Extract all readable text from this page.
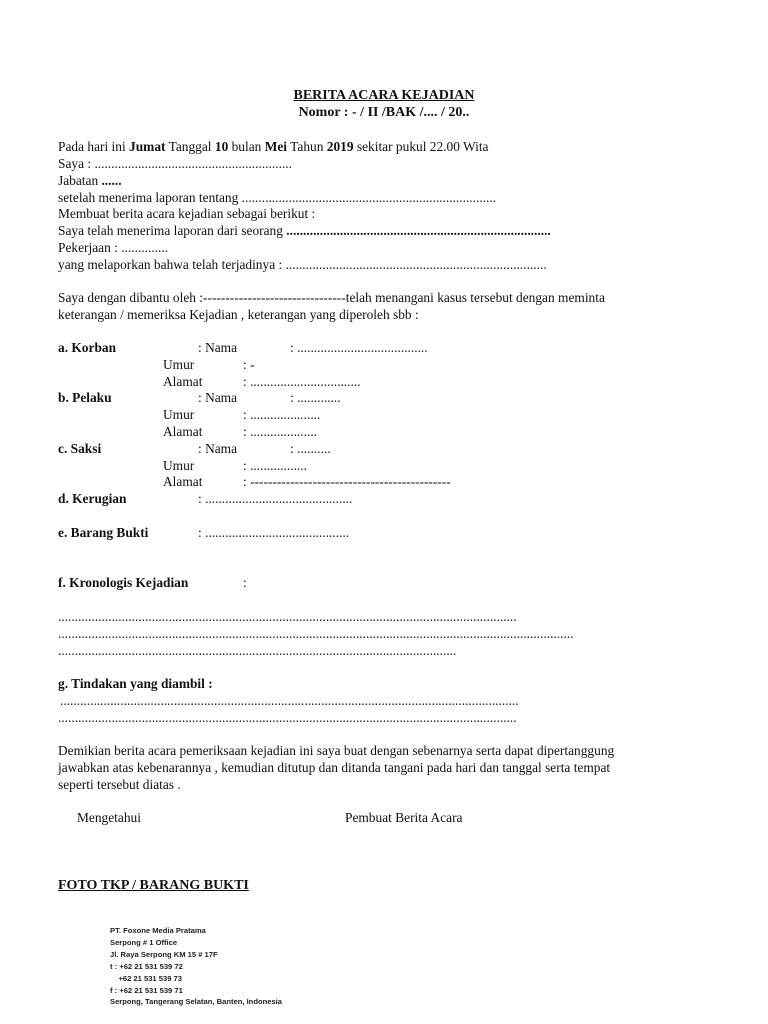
BERITA ACARA KEJADIAN
Nomor : - / II /BAK /.... / 20..
Pada hari ini Jumat Tanggal 10 bulan Mei Tahun 2019 sekitar pukul 22.00 Wita
Saya : ...........................................................
Jabatan ......
setelah menerima laporan tentang ............................................................................
Membuat berita acara kejadian sebagai berikut :
Saya telah menerima laporan dari seorang ...............................................................................
Pekerjaan : ..............
yang melaporkan bahwa telah terjadinya : ..............................................................................
Saya dengan dibantu oleh :--------------------------------telah menangani kasus tersebut dengan meminta
keterangan / memeriksa Kejadian , keterangan yang diperoleh sbb :
a. Korban	: Nama	: .......................................
Umur	: -
Alamat	: .................................
b. Pelaku	: Nama	: .............
Umur	: .....................
Alamat	: ....................
c. Saksi	: Nama	: ..........
Umur	: .................
Alamat	: ---------------------------------------------
d. Kerugian	: ............................................
e. Barang Bukti	: ...........................................
f. Kronologis Kejadian	:
.........................................................................................................................................
..........................................................................................................................................................
.......................................................................................................................
g. Tindakan yang diambil :
.........................................................................................................................................
.........................................................................................................................................
Demikian berita acara pemeriksaan kejadian ini saya buat dengan sebenarnya serta dapat dipertanggung
jawabkan atas kebenarannya , kemudian ditutup dan ditanda tangani pada hari dan tanggal serta tempat
seperti tersebut diatas .
Mengetahui	Pembuat Berita Acara
FOTO TKP / BARANG BUKTI
PT. Foxone Media Pratama
Serpong # 1 Office
Jl. Raya Serpong KM 15 # 17F
t : +62 21 531 539 72
+62 21 531 539 73
f : +62 21 531 539 71
Serpong, Tangerang Selatan, Banten, Indonesia
